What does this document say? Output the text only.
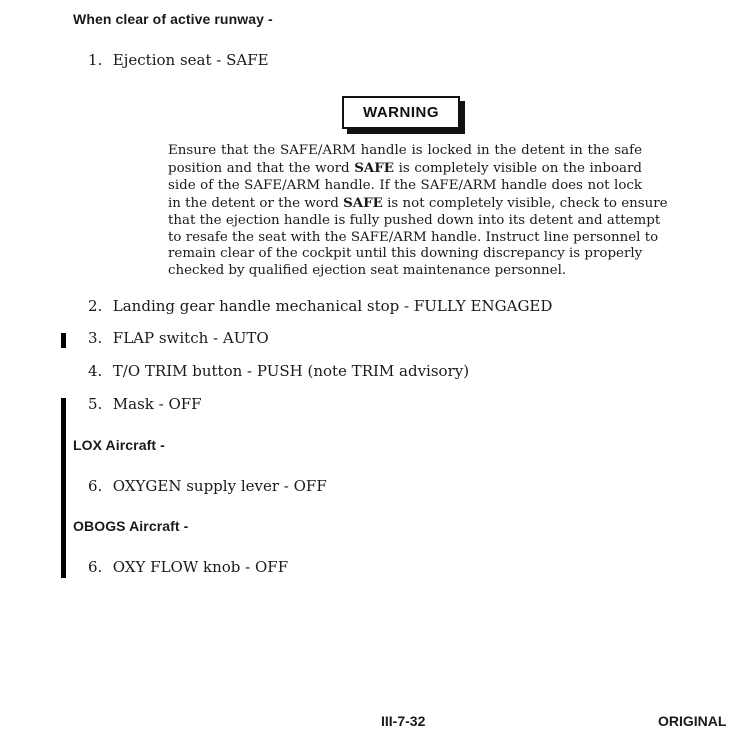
When clear of active runway -
1. Ejection seat - SAFE
WARNING
Ensure that the SAFE/ARM handle is locked in the detent in the safe
position and that the word SAFE is completely visible on the inboard
side of the SAFE/ARM handle. If the SAFE/ARM handle does not lock
in the detent or the word SAFE is not completely visible, check to ensure
that the ejection handle is fully pushed down into its detent and attempt
to resafe the seat with the SAFE/ARM handle. Instruct line personnel to
remain clear of the cockpit until this downing discrepancy is properly
checked by qualified ejection seat maintenance personnel.
2. Landing gear handle mechanical stop - FULLY ENGAGED
3. FLAP switch - AUTO
4. T/O TRIM button - PUSH (note TRIM advisory)
5. Mask - OFF
LOX Aircraft -
6. OXYGEN supply lever - OFF
OBOGS Aircraft -
6. OXY FLOW knob - OFF
III-7-32	ORIGINAL
